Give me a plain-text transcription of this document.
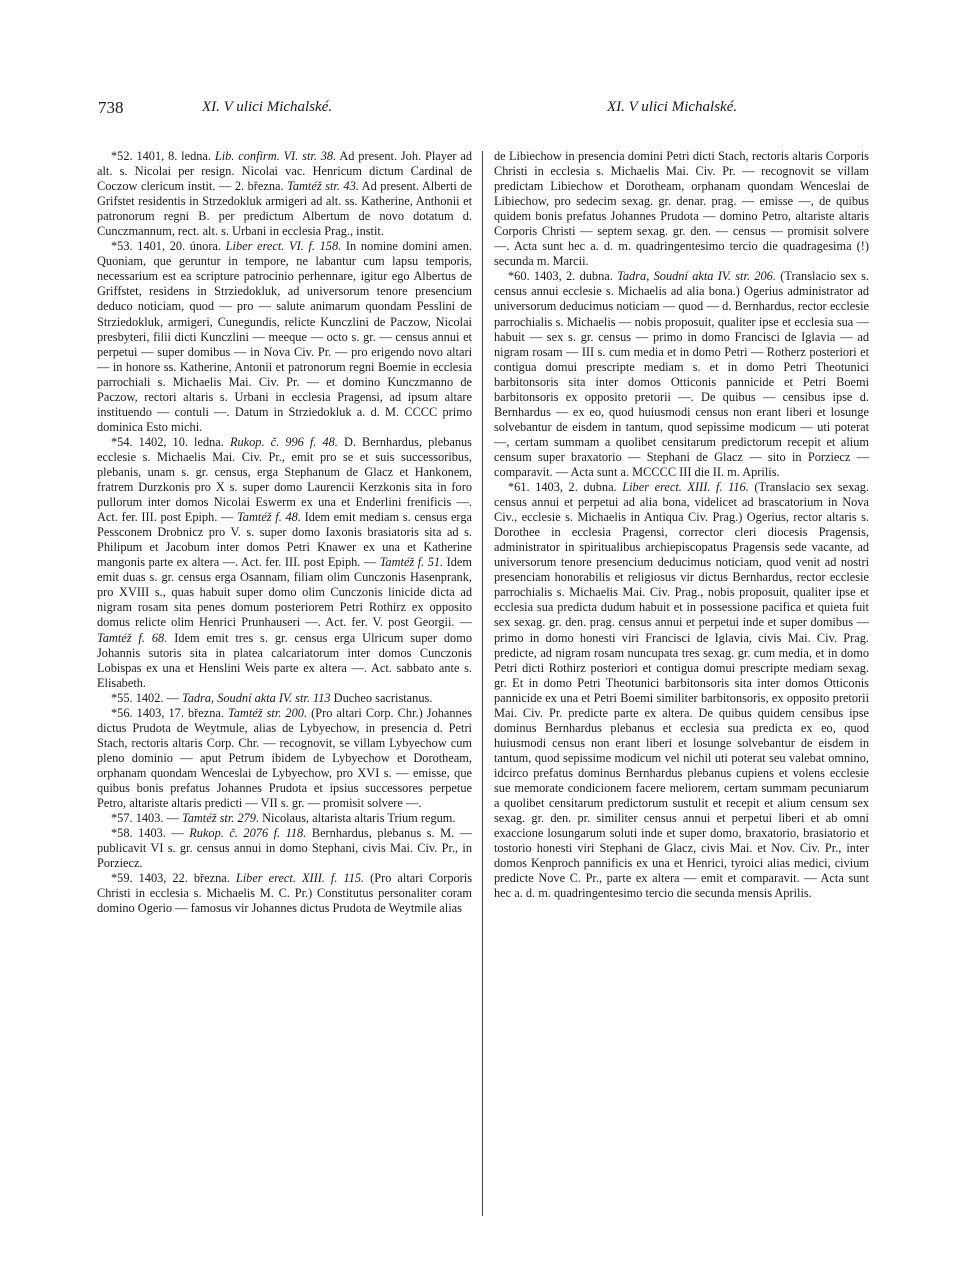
738	XI. V ulici Michalské.	XI. V ulici Michalské.

*52. 1401, 8. ledna. Lib. confirm. VI. str. 38. Ad present. Joh. Player ad alt. s. Nicolai per resign. Nicolai vac. Henricum dictum Cardinal de Coczow clericum instit. — 2. března. Tamtéž str. 43. Ad present. Alberti de Grifstet residentis in Strzedokluk armigeri ad alt. ss. Katherine, Anthonii et patronorum regni B. per predictum Albertum de novo dotatum d. Cunczmannum, rect. alt. s. Urbani in ecclesia Prag., instit.

*53. 1401, 20. února. Liber erect. VI. f. 158. In nomine domini amen. Quoniam, que geruntur in tempore, ne labantur cum lapsu temporis, necessarium est ea scripture patrocinio perhennare, igitur ego Albertus de Griffstet, residens in Strziedokluk, ad universorum tenore presencium deduco noticiam, quod — pro — salute animarum quondam Pesslini de Strziedokluk, armigeri, Cunegundis, relicte Kunczlini de Paczow, Nicolai presbyteri, filii dicti Kunczlini — meeque — octo s. gr. — census annui et perpetui — super domibus — in Nova Civ. Pr. — pro erigendo novo altari — in honore ss. Katherine, Antonii et patronorum regni Boemie in ecclesia parrochiali s. Michaelis Mai. Civ. Pr. — et domino Kunczmanno de Paczow, rectori altaris s. Urbani in ecclesia Pragensi, ad ipsum altare instituendo — contuli —. Datum in Strziedokluk a. d. M. CCCC primo dominica Esto michi.

*54. 1402, 10. ledna. Rukop. č. 996 f. 48. D. Bernhardus, plebanus ecclesie s. Michaelis Mai. Civ. Pr., emit pro se et suis successoribus, plebanis, unam s. gr. census, erga Stephanum de Glacz et Hankonem, fratrem Durzkonis pro X s. super domo Laurencii Kerzkonis sita in foro pullorum inter domos Nicolai Eswerm ex una et Enderlini frenificis —. Act. fer. III. post Epiph. — Tamtéž f. 48. Idem emit mediam s. census erga Pessconem Drobnicz pro V. s. super domo Iaxonis brasiatoris sita ad s. Philipum et Jacobum inter domos Petri Knawer ex una et Katherine mangonis parte ex altera —. Act. fer. III. post Epiph. — Tamtéž f. 51. Idem emit duas s. gr. census erga Osannam, filiam olim Cunczonis Hasenprank, pro XVIII s., quas habuit super domo olim Cunczonis linicide dicta ad nigram rosam sita penes domum posteriorem Petri Rothirz ex opposito domus relicte olim Henrici Prunhauseri —. Act. fer. V. post Georgii. — Tamtéž f. 68. Idem emit tres s. gr. census erga Ulricum super domo Johannis sutoris sita in platea calcariatorum inter domos Cunczonis Lobispas ex una et Henslini Weis parte ex altera —. Act. sabbato ante s. Elisabeth.

*55. 1402. — Tadra, Soudní akta IV. str. 113 Ducheo sacristanus.

*56. 1403, 17. března. Tamtéž str. 200. (Pro altari Corp. Chr.) Johannes dictus Prudota de Weytmule, alias de Lybyechow, in presencia d. Petri Stach, rectoris altaris Corp. Chr. — recognovit, se villam Lybyechow cum pleno dominio — aput Petrum ibidem de Lybyechow et Dorotheam, orphanam quondam Wenceslai de Lybyechow, pro XVI s. — emisse, que quibus bonis prefatus Johannes Prudota et ipsius successores perpetue Petro, altariste altaris predicti — VII s. gr. — promisit solvere —.

*57. 1403. — Tamtéž str. 279. Nicolaus, altarista altaris Trium regum.

*58. 1403. — Rukop. č. 2076 f. 118. Bernhardus, plebanus s. M. — publicavit VI s. gr. census annui in domo Stephani, civis Mai. Civ. Pr., in Porziecz.

*59. 1403, 22. března. Liber erect. XIII. f. 115. (Pro altari Corporis Christi in ecclesia s. Michaelis M. C. Pr.) Constitutus personaliter coram domino Ogerio — famosus vir Johannes dictus Prudota de Weytmile alias

de Libiechow in presencia domini Petri dicti Stach, rectoris altaris Corporis Christi in ecclesia s. Michaelis Mai. Civ. Pr. — recognovit se villam predictam Libiechow et Dorotheam, orphanam quondam Wenceslai de Libiechow, pro sedecim sexag. gr. denar. prag. — emisse —, de quibus quidem bonis prefatus Johannes Prudota — domino Petro, altariste altaris Corporis Christi — septem sexag. gr. den. — census — promisit solvere —. Acta sunt hec a. d. m. quadringentesimo tercio die quadragesima (!) secunda m. Marcii.

*60. 1403, 2. dubna. Tadra, Soudní akta IV. str. 206. (Translacio sex s. census annui ecclesie s. Michaelis ad alia bona.) Ogerius administrator ad universorum deducimus noticiam — quod — d. Bernhardus, rector ecclesie parrochialis s. Michaelis — nobis proposuit, qualiter ipse et ecclesia sua — habuit — sex s. gr. census — primo in domo Francisci de Iglavia — ad nigram rosam — III s. cum media et in domo Petri — Rotherz posteriori et contigua domui prescripte mediam s. et in domo Petri Theotunici barbitonsoris sita inter domos Otticonis pannicide et Petri Boemi barbitonsoris ex opposito pretorii —. De quibus — censibus ipse d. Bernhardus — ex eo, quod huiusmodi census non erant liberi et losunge solvebantur de eisdem in tantum, quod sepissime modicum — uti poterat —, certam summam a quolibet censitarum predictorum recepit et alium censum super braxatorio — Stephani de Glacz — sito in Porziecz — comparavit. — Acta sunt a. MCCCC III die II. m. Aprilis.

*61. 1403, 2. dubna. Liber erect. XIII. f. 116. (Translacio sex sexag. census annui et perpetui ad alia bona, videlicet ad brascatorium in Nova Civ., ecclesie s. Michaelis in Antiqua Civ. Prag.) Ogerius, rector altaris s. Dorothee in ecclesia Pragensi, corrector cleri diocesis Pragensis, administrator in spiritualibus archiepiscopatus Pragensis sede vacante, ad universorum tenore presencium deducimus noticiam, quod venit ad nostri presenciam honorabilis et religiosus vir dictus Bernhardus, rector ecclesie parrochialis s. Michaelis Mai. Civ. Prag., nobis proposuit, qualiter ipse et ecclesia sua predicta dudum habuit et in possessione pacifica et quieta fuit sex sexag. gr. den. prag. census annui et perpetui inde et super domibus — primo in domo honesti viri Francisci de Iglavia, civis Mai. Civ. Prag. predicte, ad nigram rosam nuncupata tres sexag. gr. cum media, et in domo Petri dicti Rothirz posteriori et contigua domui prescripte mediam sexag. gr. Et in domo Petri Theotunici barbitonsoris sita inter domos Otticonis pannicide ex una et Petri Boemi similiter barbitonsoris, ex opposito pretorii Mai. Civ. Pr. predicte parte ex altera. De quibus quidem censibus ipse dominus Bernhardus plebanus et ecclesia sua predicta ex eo, quod huiusmodi census non erant liberi et losunge solvebantur de eisdem in tantum, quod sepissime modicum vel nichil uti poterat seu valebat omnino, idcirco prefatus dominus Bernhardus plebanus cupiens et volens ecclesie sue memorate condicionem facere meliorem, certam summam pecuniarum a quolibet censitarum predictorum sustulit et recepit et alium censum sex sexag. gr. den. pr. similiter census annui et perpetui liberi et ab omni exaccione losungarum soluti inde et super domo, braxatorio, brasiatorio et tostorio honesti viri Stephani de Glacz, civis Mai. et Nov. Civ. Pr., inter domos Kenproch pannificis ex una et Henrici, tyroici alias medici, civium predicte Nove C. Pr., parte ex altera — emit et comparavit. — Acta sunt hec a. d. m. quadringentesimo tercio die secunda mensis Aprilis.
